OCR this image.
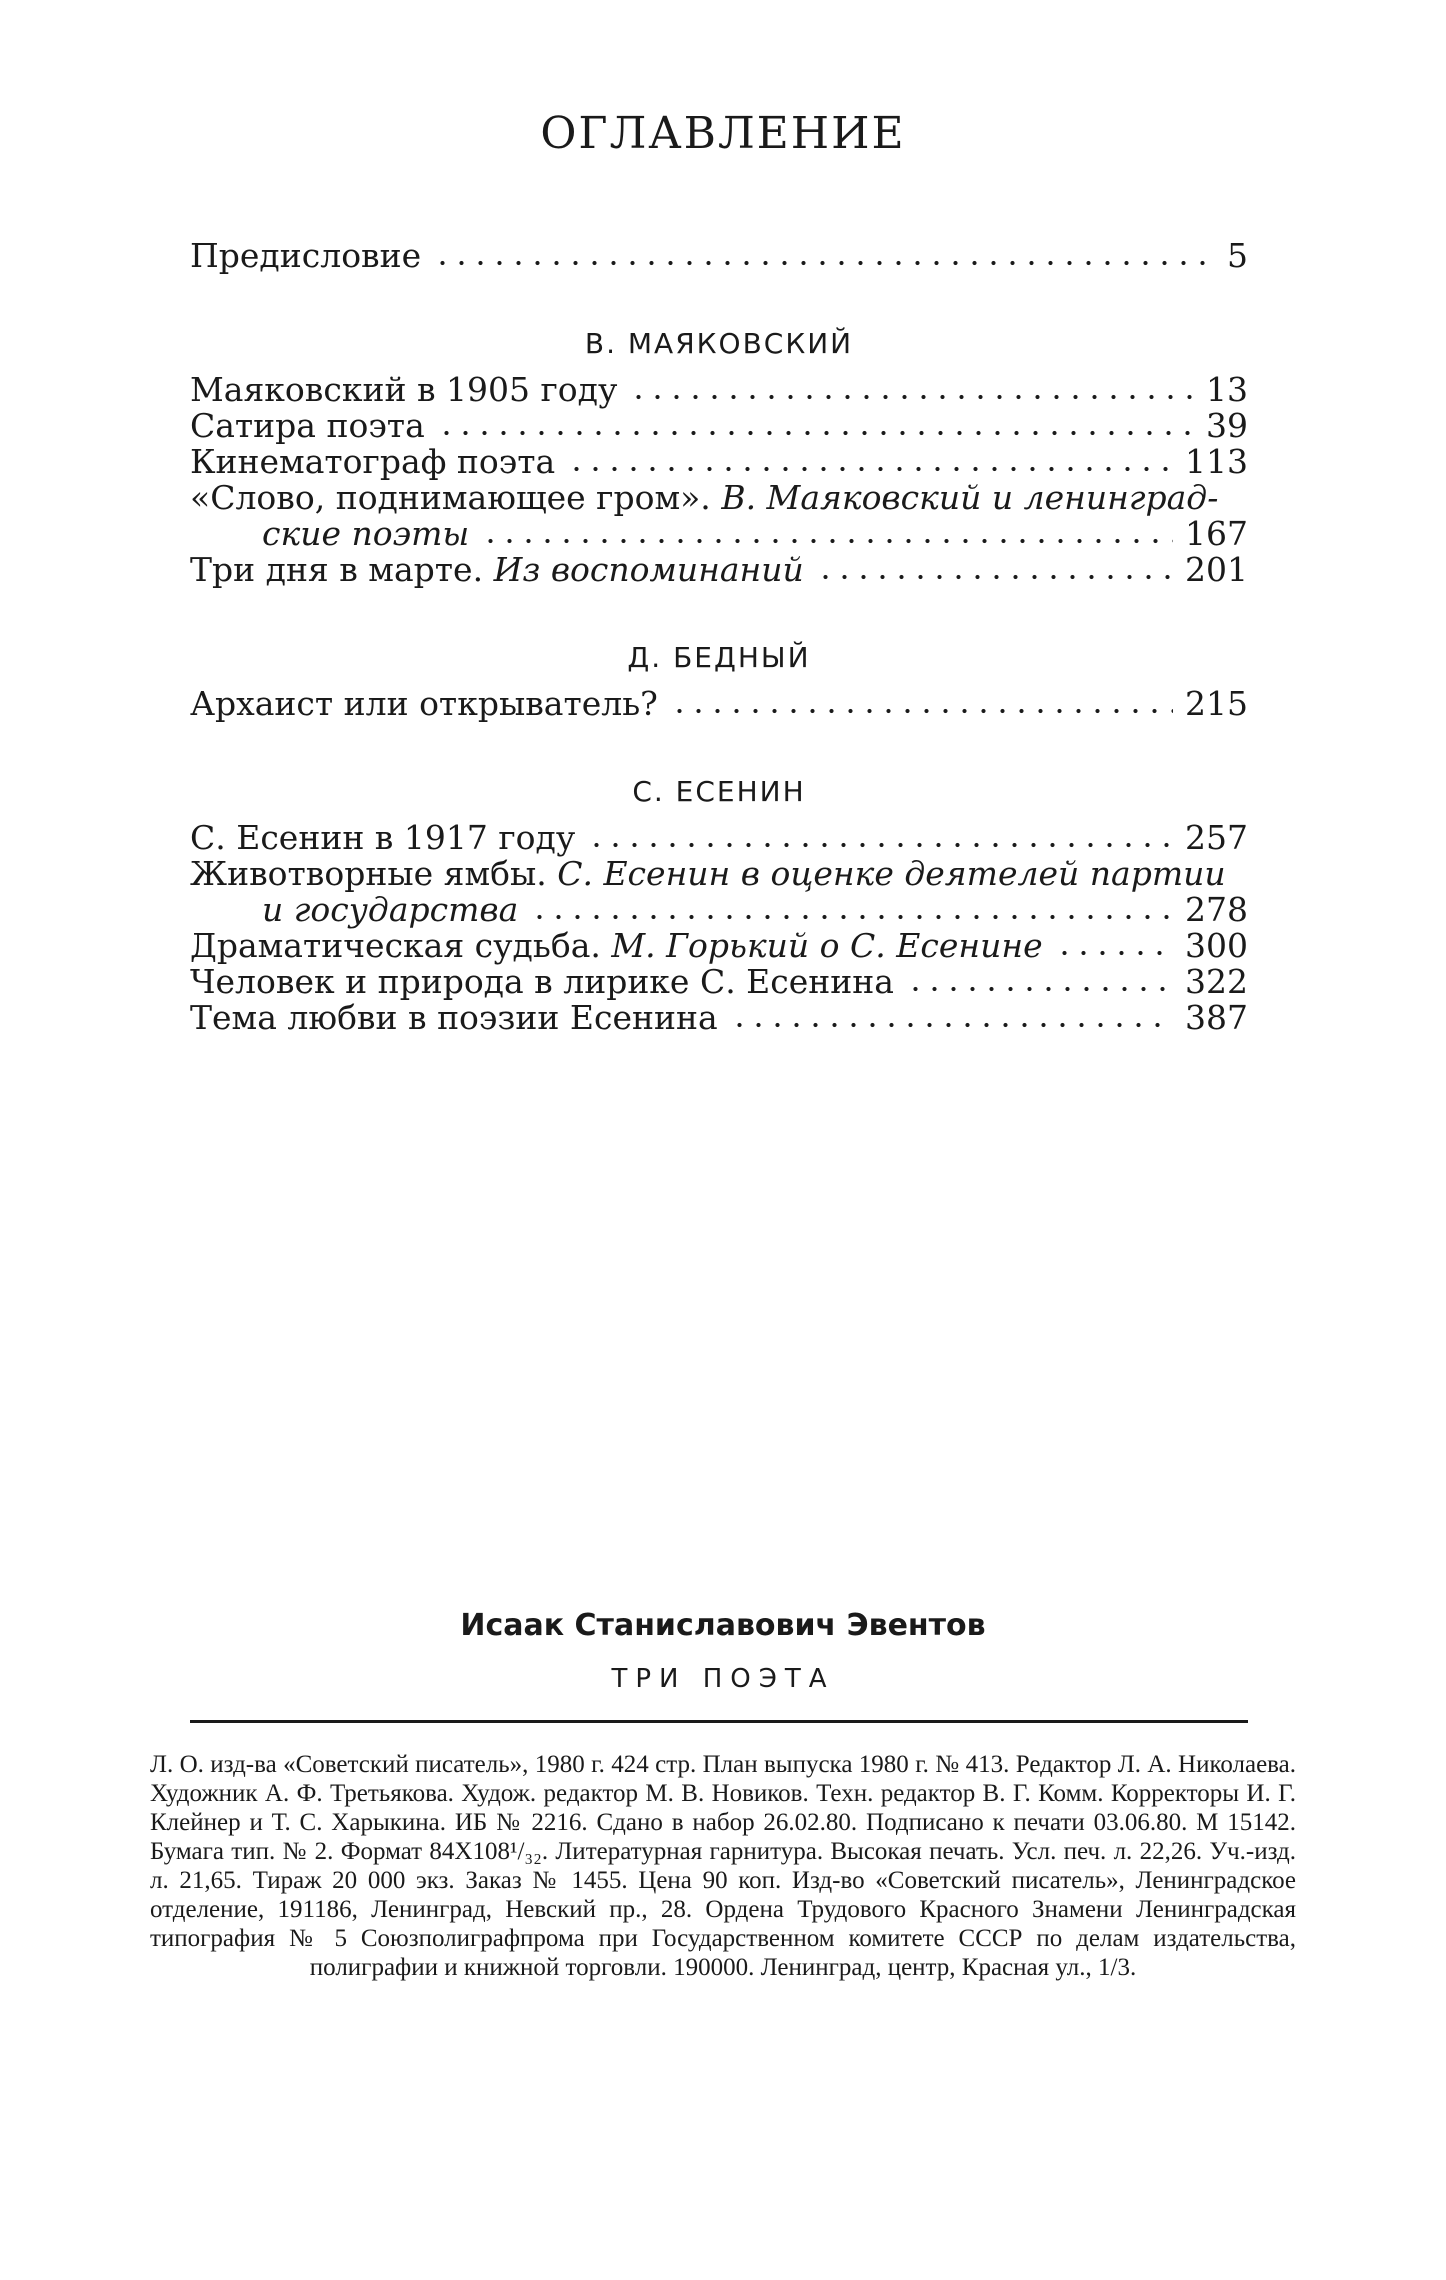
ОГЛАВЛЕНИЕ
Предисловие	5
В. МАЯКОВСКИЙ
Маяковский в 1905 году	13
Сатира поэта	39
Кинематограф поэта	113
«Слово, поднимающее гром». В. Маяковский и ленинград-
ские поэты	167
Три дня в марте. Из воспоминаний	201
Д. БЕДНЫЙ
Архаист или открыватель?	215
С. ЕСЕНИН
С. Есенин в 1917 году	257
Животворные ямбы. С. Есенин в оценке деятелей партии
и государства	278
Драматическая судьба. М. Горький о С. Есенине	300
Человек и природа в лирике С. Есенина	322
Тема любви в поэзии Есенина	387
Исаак Станиславович Эвентов
ТРИ ПОЭТА
Л. О. изд-ва «Советский писатель», 1980 г. 424 стр. План выпуска 1980 г. № 413. Редактор Л. А. Николаева. Художник А. Ф. Третьякова. Худож. редактор М. В. Новиков. Техн. редактор В. Г. Комм. Корректоры И. Г. Клейнер и Т. С. Харыкина. ИБ № 2216. Сдано в набор 26.02.80. Подписано к печати 03.06.80. М 15142. Бумага тип. № 2. Формат 84X108¹/₃₂. Литературная гарнитура. Высокая печать. Усл. печ. л. 22,26. Уч.-изд. л. 21,65. Тираж 20 000 экз. Заказ № 1455. Цена 90 коп. Изд-во «Советский писатель», Ленинградское отделение, 191186, Ленинград, Невский пр., 28. Ордена Трудового Красного Знамени Ленинградская типография № 5 Союзполиграфпрома при Государственном комитете СССР по делам издательства, полиграфии и книжной торговли. 190000. Ленинград, центр, Красная ул., 1/3.
